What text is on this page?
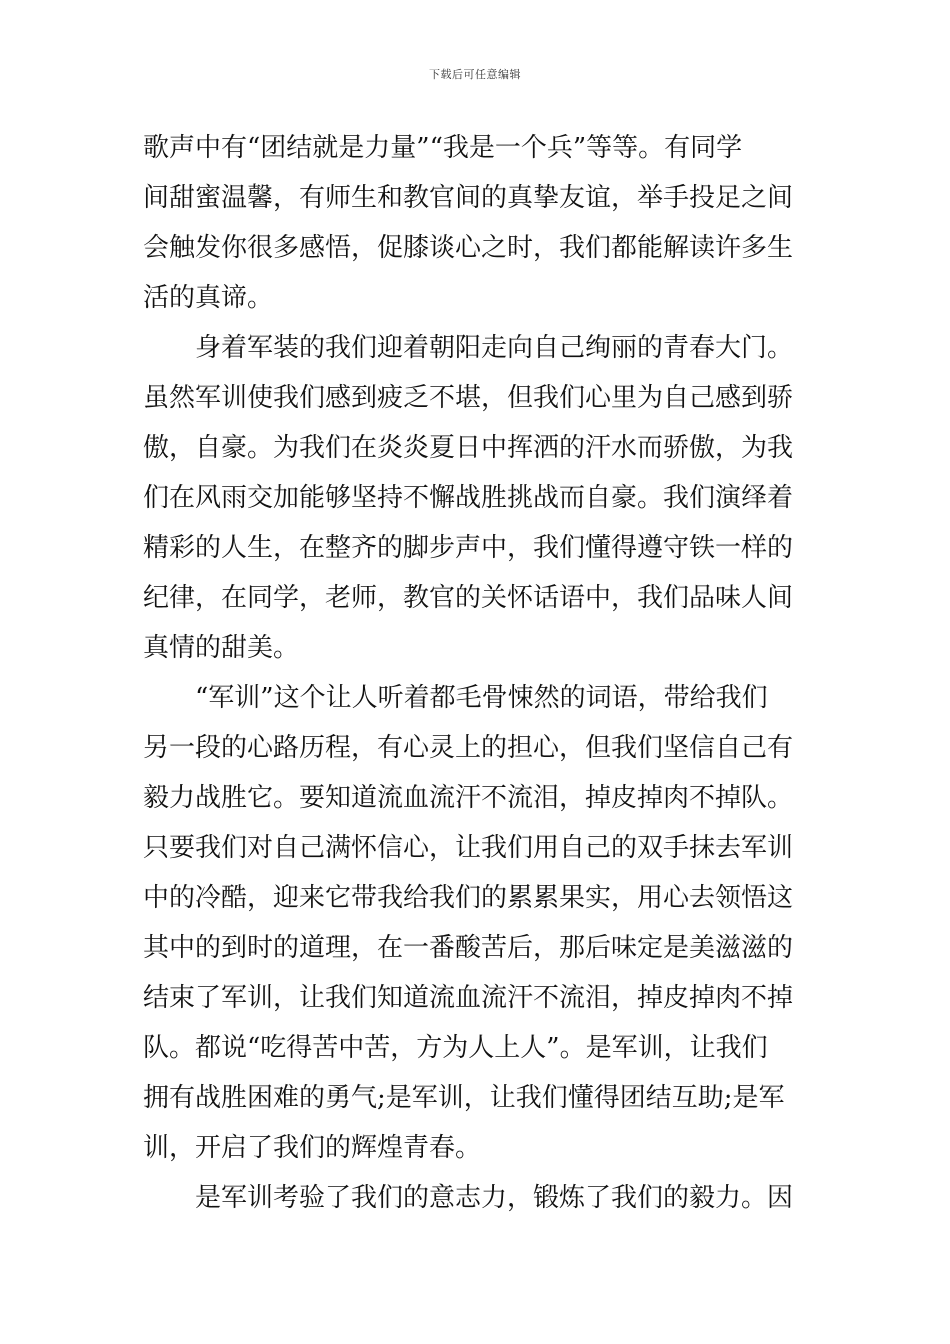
下载后可任意编辑
歌声中有“团结就是力量”“我是一个兵”等等。有同学
间甜蜜温馨，有师生和教官间的真挚友谊，举手投足之间
会触发你很多感悟，促膝谈心之时，我们都能解读许多生
活的真谛。
身着军装的我们迎着朝阳走向自己绚丽的青春大门。
虽然军训使我们感到疲乏不堪，但我们心里为自己感到骄
傲，自豪。为我们在炎炎夏日中挥洒的汗水而骄傲，为我
们在风雨交加能够坚持不懈战胜挑战而自豪。我们演绎着
精彩的人生，在整齐的脚步声中，我们懂得遵守铁一样的
纪律，在同学，老师，教官的关怀话语中，我们品味人间
真情的甜美。
“军训”这个让人听着都毛骨悚然的词语，带给我们
另一段的心路历程，有心灵上的担心，但我们坚信自己有
毅力战胜它。要知道流血流汗不流泪，掉皮掉肉不掉队。
只要我们对自己满怀信心，让我们用自己的双手抹去军训
中的冷酷，迎来它带我给我们的累累果实，用心去领悟这
其中的到时的道理，在一番酸苦后，那后味定是美滋滋的
结束了军训，让我们知道流血流汗不流泪，掉皮掉肉不掉
队。都说“吃得苦中苦，方为人上人”。是军训，让我们
拥有战胜困难的勇气;是军训，让我们懂得团结互助;是军
训，开启了我们的辉煌青春。
是军训考验了我们的意志力，锻炼了我们的毅力。因
